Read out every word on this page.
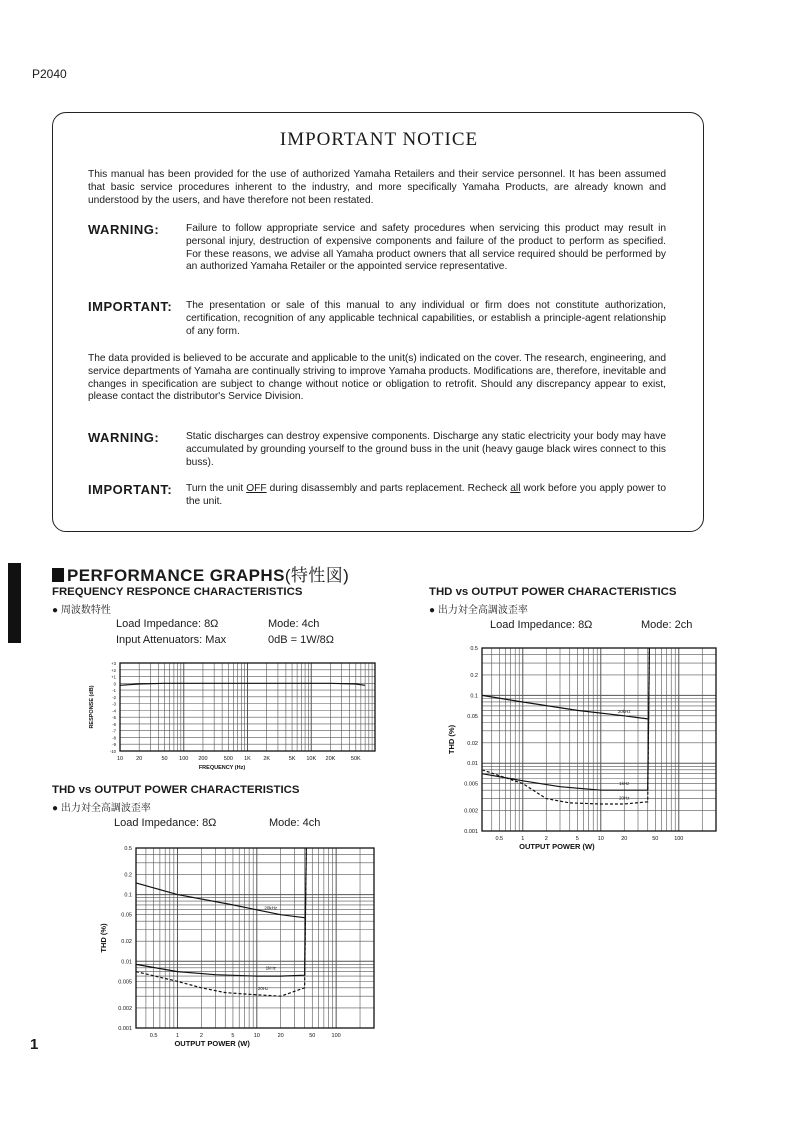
P2040
IMPORTANT NOTICE
This manual has been provided for the use of authorized Yamaha Retailers and their service personnel. It has been assumed that basic service procedures inherent to the industry, and more specifically Yamaha Products, are already known and understood by the users, and have therefore not been restated.
WARNING:	Failure to follow appropriate service and safety procedures when servicing this product may result in personal injury, destruction of expensive components and failure of the product to perform as specified. For these reasons, we advise all Yamaha product owners that all service required should be performed by an authorized Yamaha Retailer or the appointed service representative.
IMPORTANT: The presentation or sale of this manual to any individual or firm does not constitute authorization, certification, recognition of any applicable technical capabilities, or establish a principle-agent relationship of any form.
The data provided is believed to be accurate and applicable to the unit(s) indicated on the cover. The research, engineering, and service departments of Yamaha are continually striving to improve Yamaha products. Modifications are, therefore, inevitable and changes in specification are subject to change without notice or obligation to retrofit. Should any discrepancy appear to exist, please contact the distributor's Service Division.
WARNING:	Static discharges can destroy expensive components. Discharge any static electricity your body may have accumulated by grounding yourself to the ground buss in the unit (heavy gauge black wires connect to this buss).
IMPORTANT: Turn the unit OFF during disassembly and parts replacement. Recheck all work before you apply power to the unit.
PERFORMANCE GRAPHS(特性図)
FREQUENCY RESPONCE CHARACTERISTICS
● 周波数特性
Load Impedance: 8Ω	Mode: 4ch
Input Attenuators: Max	0dB = 1W/8Ω
+3
+2
+1
0
-1
-2
-3
-4
-5
-6
-7
-8
-9
-10
10 20	50 100 200	500 1K 2K	5K 10K 20K	50K
FREQUENCY (Hz)
RESPONSE (dB)
THD vs OUTPUT POWER CHARACTERISTICS
● 出力対全高調波歪率
Load Impedance: 8Ω	Mode: 4ch
0.5
0.2
0.1
0.05
0.02
0.01
0.005
0.002
0.001
0.5	1	2	5	10	20	50	100
OUTPUT POWER (W)
THD (%)
20kHz
1kHz
20Hz
THD vs OUTPUT POWER CHARACTERISTICS
● 出力対全高調波歪率
Load Impedance: 8Ω	Mode: 2ch
0.5
0.2
0.1
0.05
0.02
0.01
0.005
0.002
0.001
0.5	1	2	5	10	20	50	100
OUTPUT POWER (W)
THD (%)
20kHz
1kHz
20Hz
1
